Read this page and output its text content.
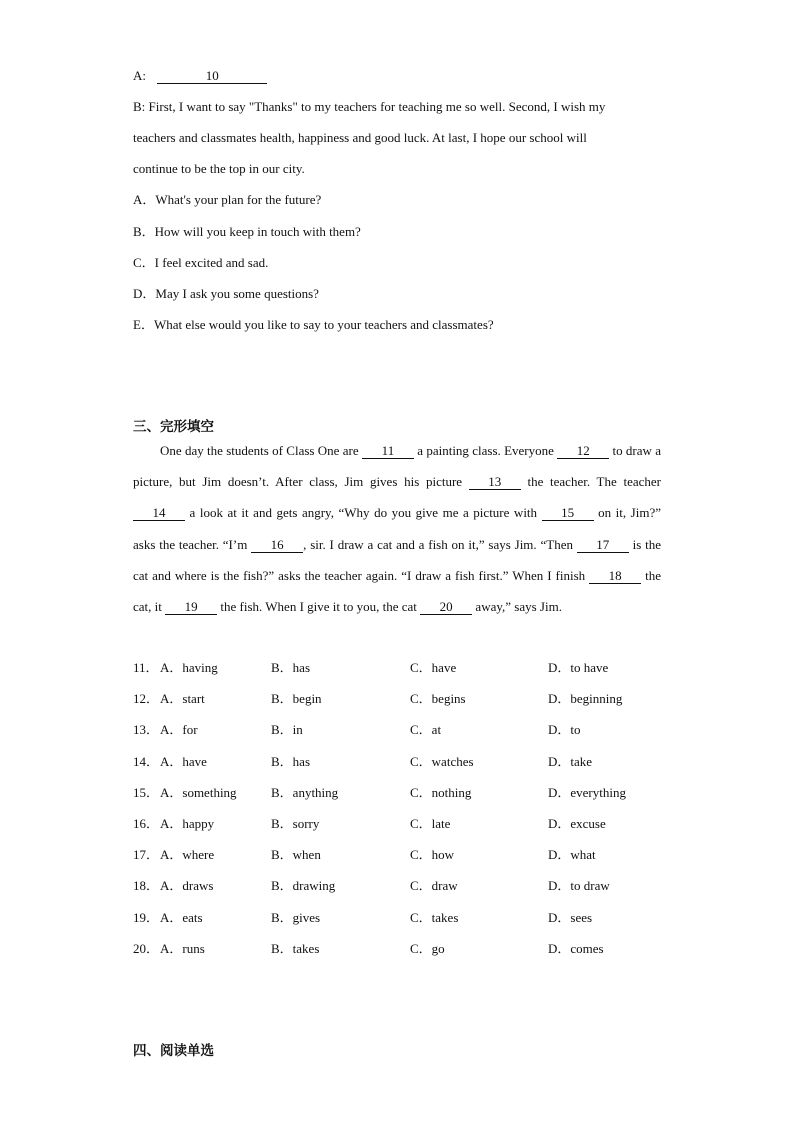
A:	10
B: First, I want to say "Thanks" to my teachers for teaching me so well. Second, I wish my
teachers and classmates health, happiness and good luck. At last, I hope our school will
continue to be the top in our city.
A．What's your plan for the future?
B．How will you keep in touch with them?
C．I feel excited and sad.
D．May I ask you some questions?
E．What else would you like to say to your teachers and classmates?
三、完形填空
One day the students of Class One are 11 a painting class. Everyone 12 to draw a picture, but Jim doesn’t. After class, Jim gives his picture 13 the teacher. The teacher 14 a look at it and gets angry, “Why do you give me a picture with 15 on it, Jim?” asks the teacher. “I’m 16 , sir. I draw a cat and a fish on it,” says Jim. “Then 17 is the cat and where is the fish?” asks the teacher again. “I draw a fish first.” When I finish 18 the cat, it 19 the fish. When I give it to you, the cat 20 away,” says Jim.
11． A．having	B．has	C．have	D．to have
12． A．start	B．begin	C．begins	D．beginning
13． A．for	B．in	C．at	D．to
14． A．have	B．has	C．watches	D．take
15． A．something	B．anything	C．nothing	D．everything
16． A．happy	B．sorry	C．late	D．excuse
17． A．where	B．when	C．how	D．what
18． A．draws	B．drawing	C．draw	D．to draw
19． A．eats	B．gives	C．takes	D．sees
20． A．runs	B．takes	C．go	D．comes
四、阅读单选
